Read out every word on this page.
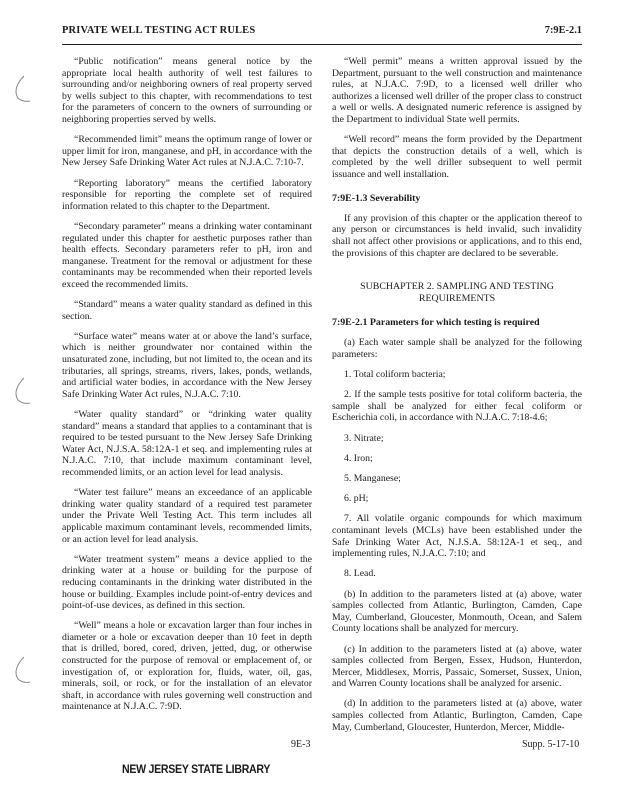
PRIVATE WELL TESTING ACT RULES	7:9E-2.1

“Public notification” means general notice by the appropriate local health authority of well test failures to surrounding and/or neighboring owners of real property served by wells subject to this chapter, with recommendations to test for the parameters of concern to the owners of surrounding or neighboring properties served by wells.

“Recommended limit” means the optimum range of lower or upper limit for iron, manganese, and pH, in accordance with the New Jersey Safe Drinking Water Act rules at N.J.A.C. 7:10-7.

“Reporting laboratory” means the certified laboratory responsible for reporting the complete set of required information related to this chapter to the Department.

“Secondary parameter” means a drinking water contaminant regulated under this chapter for aesthetic purposes rather than health effects. Secondary parameters refer to pH, iron and manganese. Treatment for the removal or adjustment for these contaminants may be recommended when their reported levels exceed the recommended limits.

“Standard” means a water quality standard as defined in this section.

“Surface water” means water at or above the land’s surface, which is neither groundwater nor contained within the unsaturated zone, including, but not limited to, the ocean and its tributaries, all springs, streams, rivers, lakes, ponds, wetlands, and artificial water bodies, in accordance with the New Jersey Safe Drinking Water Act rules, N.J.A.C. 7:10.

“Water quality standard” or “drinking water quality standard” means a standard that applies to a contaminant that is required to be tested pursuant to the New Jersey Safe Drinking Water Act, N.J.S.A. 58:12A-1 et seq. and implementing rules at N.J.A.C. 7:10, that include maximum contaminant level, recommended limits, or an action level for lead analysis.

“Water test failure” means an exceedance of an applicable drinking water quality standard of a required test parameter under the Private Well Testing Act. This term includes all applicable maximum contaminant levels, recommended limits, or an action level for lead analysis.

“Water treatment system” means a device applied to the drinking water at a house or building for the purpose of reducing contaminants in the drinking water distributed in the house or building. Examples include point-of-entry devices and point-of-use devices, as defined in this section.

“Well” means a hole or excavation larger than four inches in diameter or a hole or excavation deeper than 10 feet in depth that is drilled, bored, cored, driven, jetted, dug, or otherwise constructed for the purpose of removal or emplacement of, or investigation of, or exploration for, fluids, water, oil, gas, minerals, soil, or rock, or for the installation of an elevator shaft, in accordance with rules governing well construction and maintenance at N.J.A.C. 7:9D.

“Well permit” means a written approval issued by the Department, pursuant to the well construction and maintenance rules, at N.J.A.C. 7:9D, to a licensed well driller who authorizes a licensed well driller of the proper class to construct a well or wells. A designated numeric reference is assigned by the Department to individual State well permits.

“Well record” means the form provided by the Department that depicts the construction details of a well, which is completed by the well driller subsequent to well permit issuance and well installation.

7:9E-1.3 Severability

If any provision of this chapter or the application thereof to any person or circumstances is held invalid, such invalidity shall not affect other provisions or applications, and to this end, the provisions of this chapter are declared to be severable.

SUBCHAPTER 2. SAMPLING AND TESTING
REQUIREMENTS
7:9E-2.1 Parameters for which testing is required

(a) Each water sample shall be analyzed for the following parameters:

1. Total coliform bacteria;

2. If the sample tests positive for total coliform bacteria, the sample shall be analyzed for either fecal coliform or Escherichia coli, in accordance with N.J.A.C. 7:18-4.6;

3. Nitrate;

4. Iron;

5. Manganese;

6. pH;

7. All volatile organic compounds for which maximum contaminant levels (MCLs) have been established under the Safe Drinking Water Act, N.J.S.A. 58:12A-1 et seq., and implementing rules, N.J.A.C. 7:10; and

8. Lead.

(b) In addition to the parameters listed at (a) above, water samples collected from Atlantic, Burlington, Camden, Cape May, Cumberland, Gloucester, Monmouth, Ocean, and Salem County locations shall be analyzed for mercury.

(c) In addition to the parameters listed at (a) above, water samples collected from Bergen, Essex, Hudson, Hunterdon, Mercer, Middlesex, Morris, Passaic, Somerset, Sussex, Union, and Warren County locations shall be analyzed for arsenic.

(d) In addition to the parameters listed at (a) above, water samples collected from Atlantic, Burlington, Camden, Cape May, Cumberland, Gloucester, Hunterdon, Mercer, Middle-

9E-3	Supp. 5-17-10
NEW JERSEY STATE LIBRARY
